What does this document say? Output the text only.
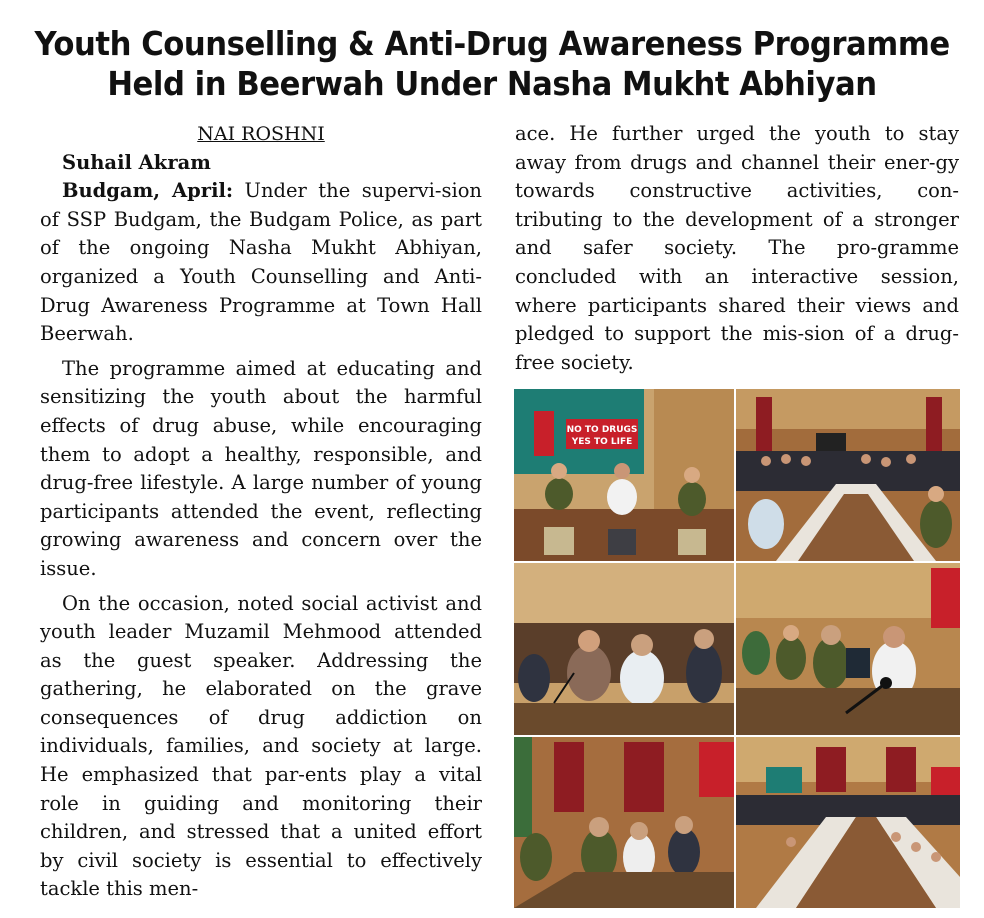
Youth Counselling & Anti-Drug Awareness Programme
Held in Beerwah Under Nasha Mukht Abhiyan

NAI ROSHNI

Suhail Akram

Budgam, April: Under the supervi-sion of SSP Budgam, the Budgam Police, as part of the ongoing Nasha Mukht Abhiyan, organized a Youth Counselling and Anti-Drug Awareness Programme at Town Hall Beerwah.

The programme aimed at educating and sensitizing the youth about the harmful effects of drug abuse, while encouraging them to adopt a healthy, responsible, and drug-free lifestyle. A large number of young participants attended the event, reflecting growing awareness and concern over the issue.

On the occasion, noted social activist and youth leader Muzamil Mehmood attended as the guest speaker. Addressing the gathering, he elaborated on the grave consequences of drug addiction on individuals, families, and society at large. He emphasized that par-ents play a vital role in guiding and monitoring their children, and stressed that a united effort by civil society is essential to effectively tackle this men-

ace. He further urged the youth to stay away from drugs and channel their ener-gy towards constructive activities, con-tributing to the development of a stronger and safer society. The pro-gramme concluded with an interactive session, where participants shared their views and pledged to support the mis-sion of a drug-free society.

NO TO DRUGS
YES TO LIFE
